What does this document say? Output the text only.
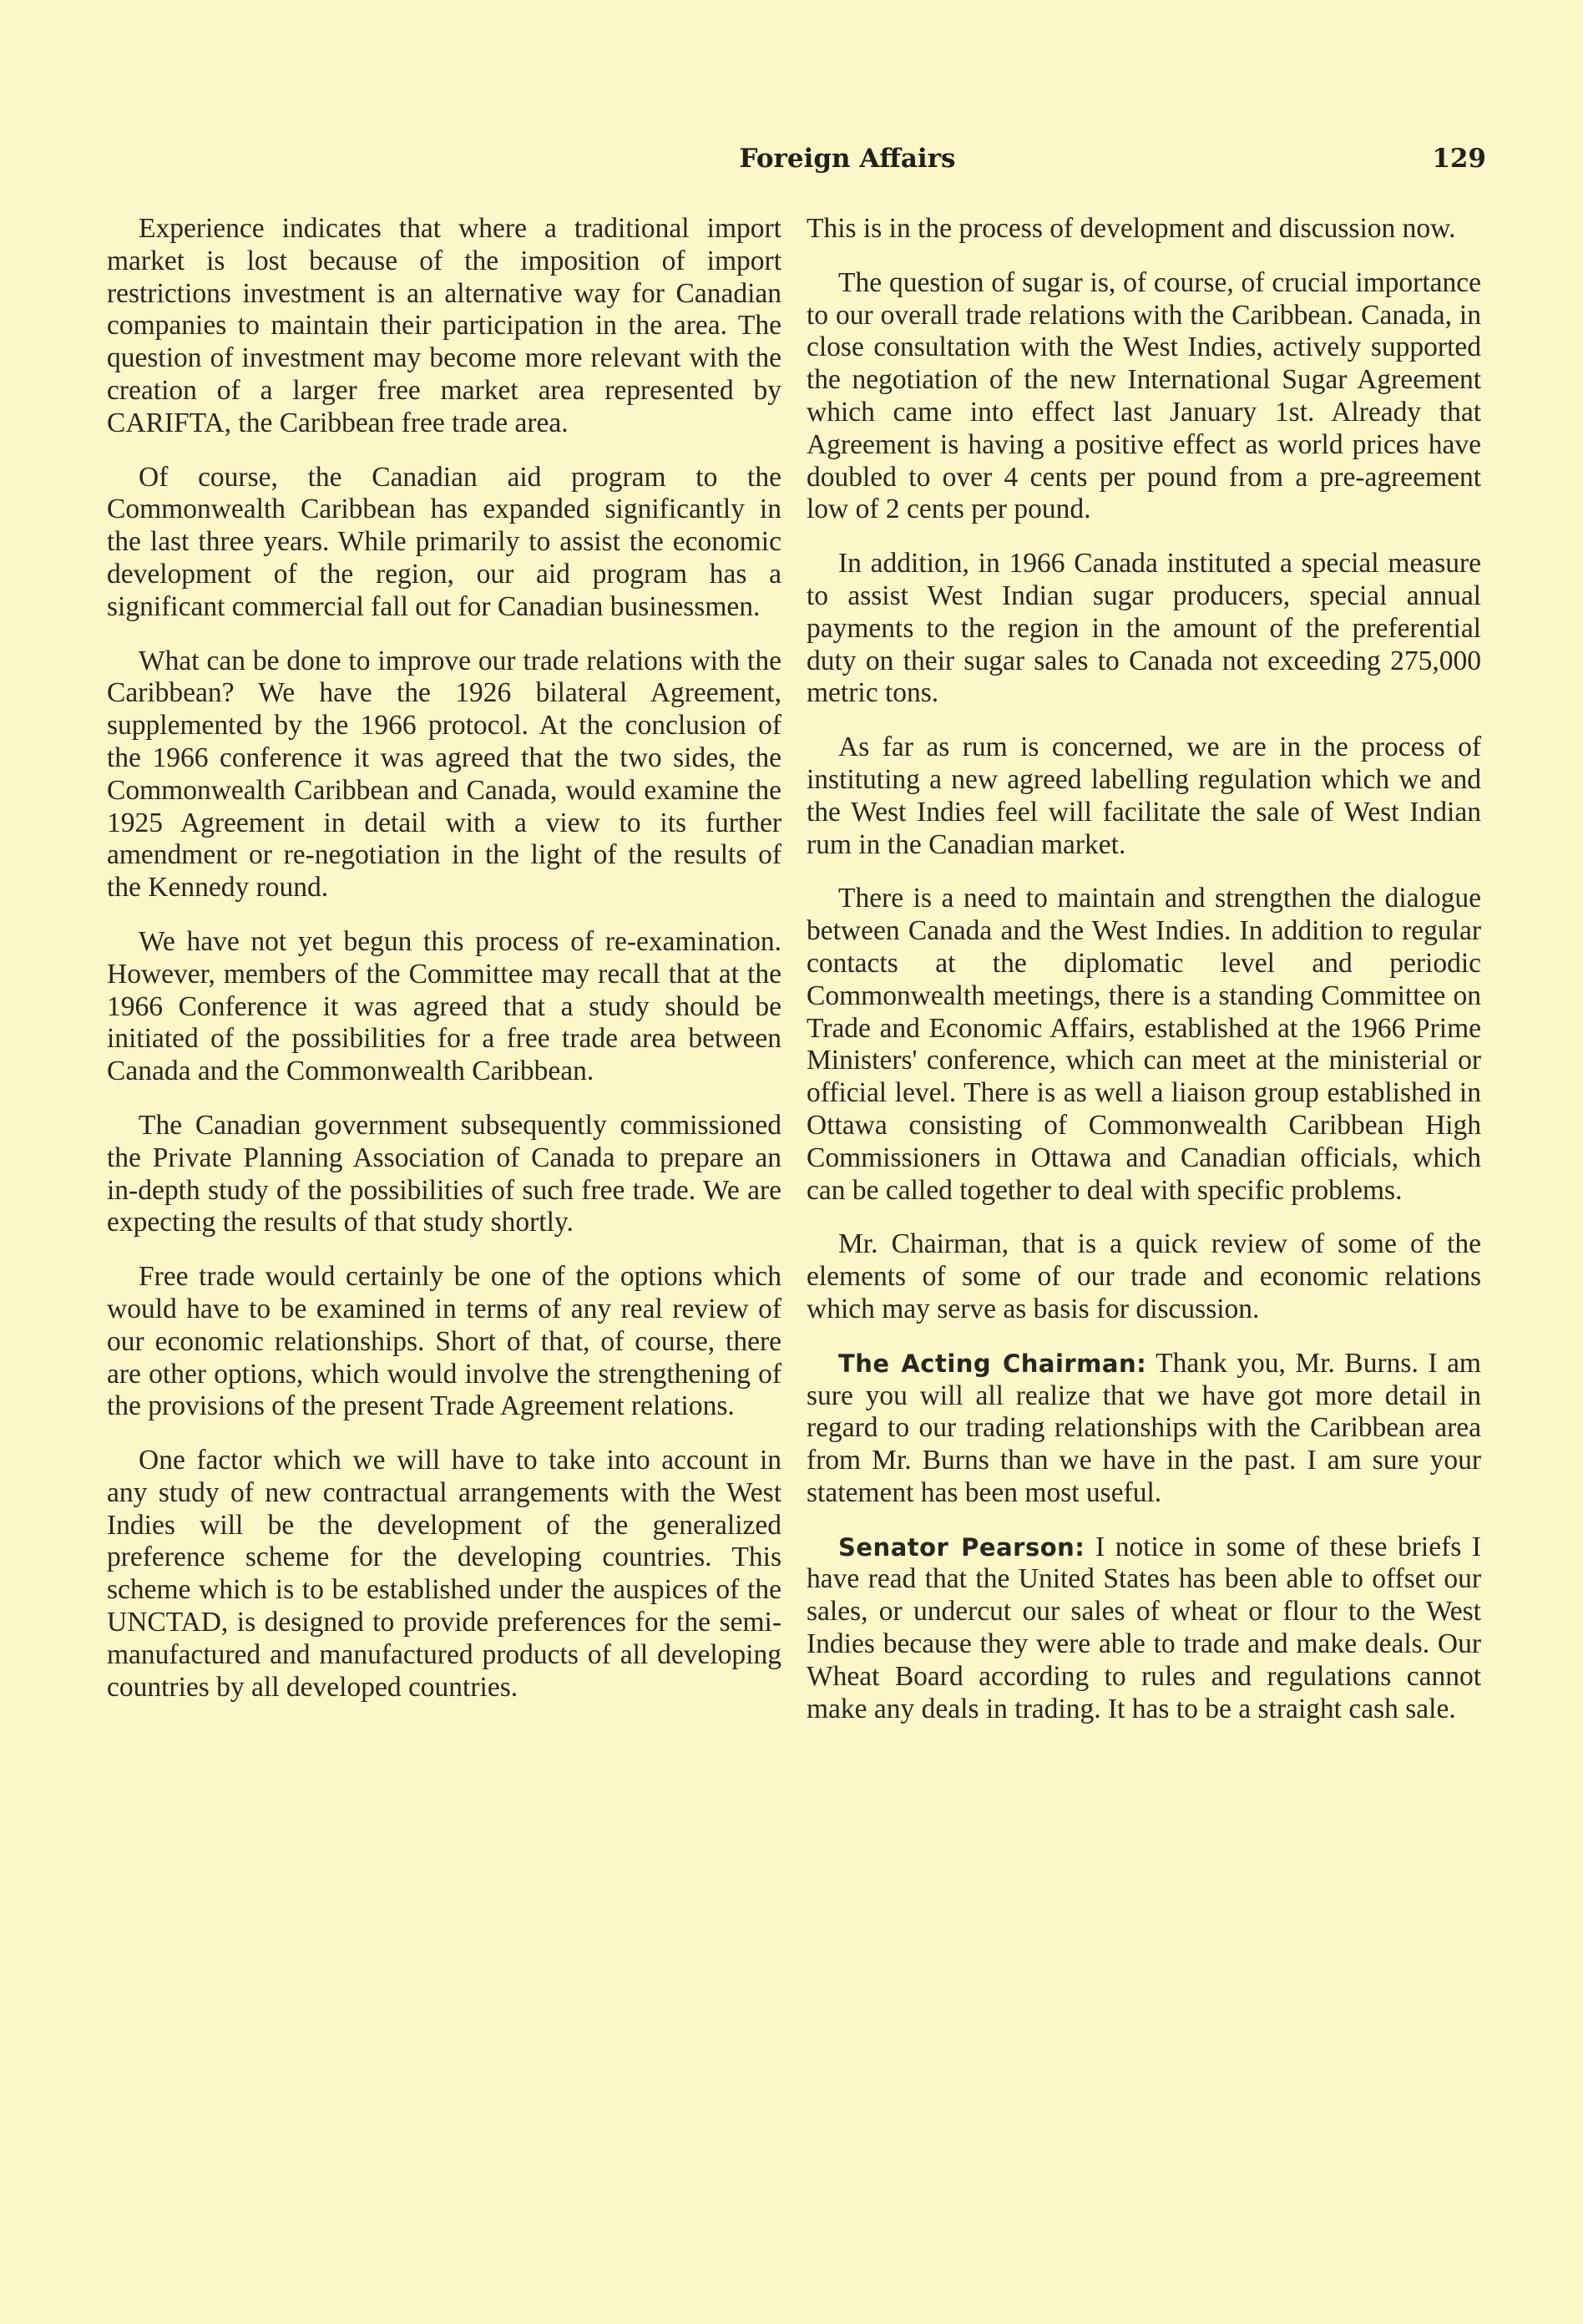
Foreign Affairs	129

Experience indicates that where a traditional import market is lost because of the imposition of import restrictions investment is an alternative way for Canadian companies to maintain their participation in the area. The question of investment may become more relevant with the creation of a larger free market area represented by CARIFTA, the Caribbean free trade area.

Of course, the Canadian aid program to the Commonwealth Caribbean has expanded significantly in the last three years. While primarily to assist the economic development of the region, our aid program has a significant commercial fall out for Canadian businessmen.

What can be done to improve our trade relations with the Caribbean? We have the 1926 bilateral Agreement, supplemented by the 1966 protocol. At the conclusion of the 1966 conference it was agreed that the two sides, the Commonwealth Caribbean and Canada, would examine the 1925 Agreement in detail with a view to its further amendment or re-negotiation in the light of the results of the Kennedy round.

We have not yet begun this process of re-examination. However, members of the Committee may recall that at the 1966 Conference it was agreed that a study should be initiated of the possibilities for a free trade area between Canada and the Commonwealth Caribbean.

The Canadian government subsequently commissioned the Private Planning Association of Canada to prepare an in-depth study of the possibilities of such free trade. We are expecting the results of that study shortly.

Free trade would certainly be one of the options which would have to be examined in terms of any real review of our economic relationships. Short of that, of course, there are other options, which would involve the strengthening of the provisions of the present Trade Agreement relations.

One factor which we will have to take into account in any study of new contractual arrangements with the West Indies will be the development of the generalized preference scheme for the developing countries. This scheme which is to be established under the auspices of the UNCTAD, is designed to provide preferences for the semi-manufactured and manufactured products of all developing countries by all developed countries.

This is in the process of development and discussion now.

The question of sugar is, of course, of crucial importance to our overall trade relations with the Caribbean. Canada, in close consultation with the West Indies, actively supported the negotiation of the new International Sugar Agreement which came into effect last January 1st. Already that Agreement is having a positive effect as world prices have doubled to over 4 cents per pound from a pre-agreement low of 2 cents per pound.

In addition, in 1966 Canada instituted a special measure to assist West Indian sugar producers, special annual payments to the region in the amount of the preferential duty on their sugar sales to Canada not exceeding 275,000 metric tons.

As far as rum is concerned, we are in the process of instituting a new agreed labelling regulation which we and the West Indies feel will facilitate the sale of West Indian rum in the Canadian market.

There is a need to maintain and strengthen the dialogue between Canada and the West Indies. In addition to regular contacts at the diplomatic level and periodic Commonwealth meetings, there is a standing Committee on Trade and Economic Affairs, established at the 1966 Prime Ministers' conference, which can meet at the ministerial or official level. There is as well a liaison group established in Ottawa consisting of Commonwealth Caribbean High Commissioners in Ottawa and Canadian officials, which can be called together to deal with specific problems.

Mr. Chairman, that is a quick review of some of the elements of some of our trade and economic relations which may serve as basis for discussion.

The Acting Chairman: Thank you, Mr. Burns. I am sure you will all realize that we have got more detail in regard to our trading relationships with the Caribbean area from Mr. Burns than we have in the past. I am sure your statement has been most useful.

Senator Pearson: I notice in some of these briefs I have read that the United States has been able to offset our sales, or undercut our sales of wheat or flour to the West Indies because they were able to trade and make deals. Our Wheat Board according to rules and regulations cannot make any deals in trading. It has to be a straight cash sale.
